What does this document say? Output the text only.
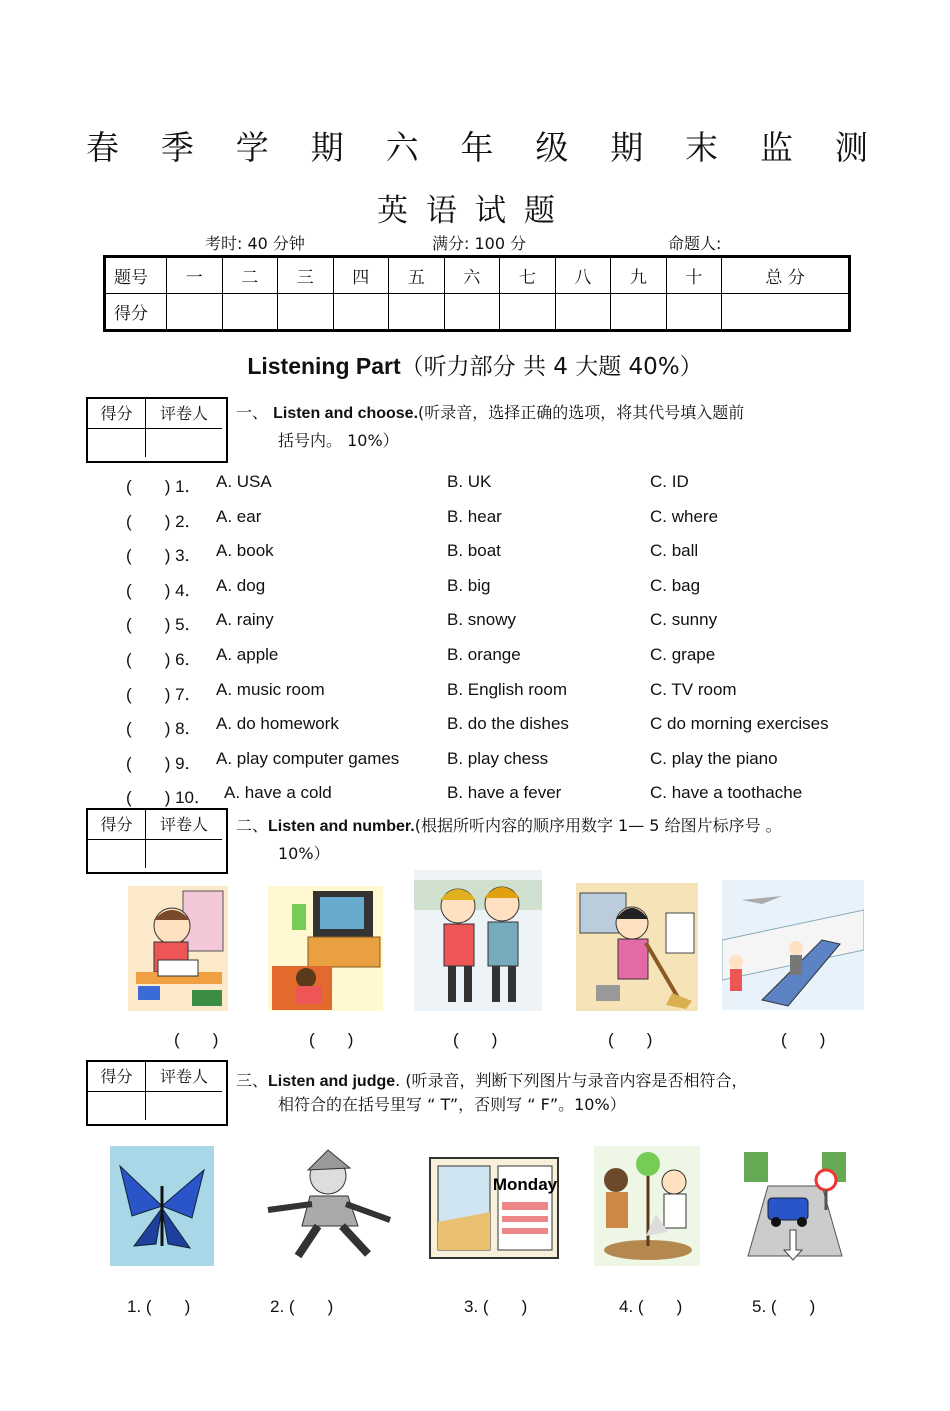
春 季 学 期 六 年 级 期 末 监 测
英语试题
考时: 40 分钟	满分: 100 分	命题人:
题号	一	二	三	四	五	六	七	八	九	十	总 分
得分											
Listening Part（听力部分 共 4 大题 40%）
得分	评卷人	一、 Listen and choose.(听录音，选择正确的选项，将其代号填入题前
括号内。 10%）
(       ) 1． A. USA	B. UK	C. ID
(       ) 2． A. ear	B. hear	C. where
(       ) 3． A. book	B. boat	C. ball
(       ) 4． A. dog	B. big	C. bag
(       ) 5． A. rainy	B. snowy	C. sunny
(       ) 6． A. apple	B. orange	C. grape
(       ) 7． A. music room	B. English room	C. TV room
(       ) 8． A. do homework	B. do the dishes	C do morning exercises
(       ) 9． A. play computer games	B. play chess	C. play the piano
(       ) 10． A. have a cold	B. have a fever	C. have a toothache
得分	评卷人	二、Listen and number.(根据所听内容的顺序用数字 1— 5 给图片标序号 。
10%）
(       )	(       )	(       )	(       )	(       )
得分	评卷人	三、Listen and judge. (听录音，判断下列图片与录音内容是否相符合，
相符合的在括号里写 “ T”，否则写 “ F”。10%）
Monday
1. (       )	2. (       )	3. (       )	4. (       )	5. (       )
